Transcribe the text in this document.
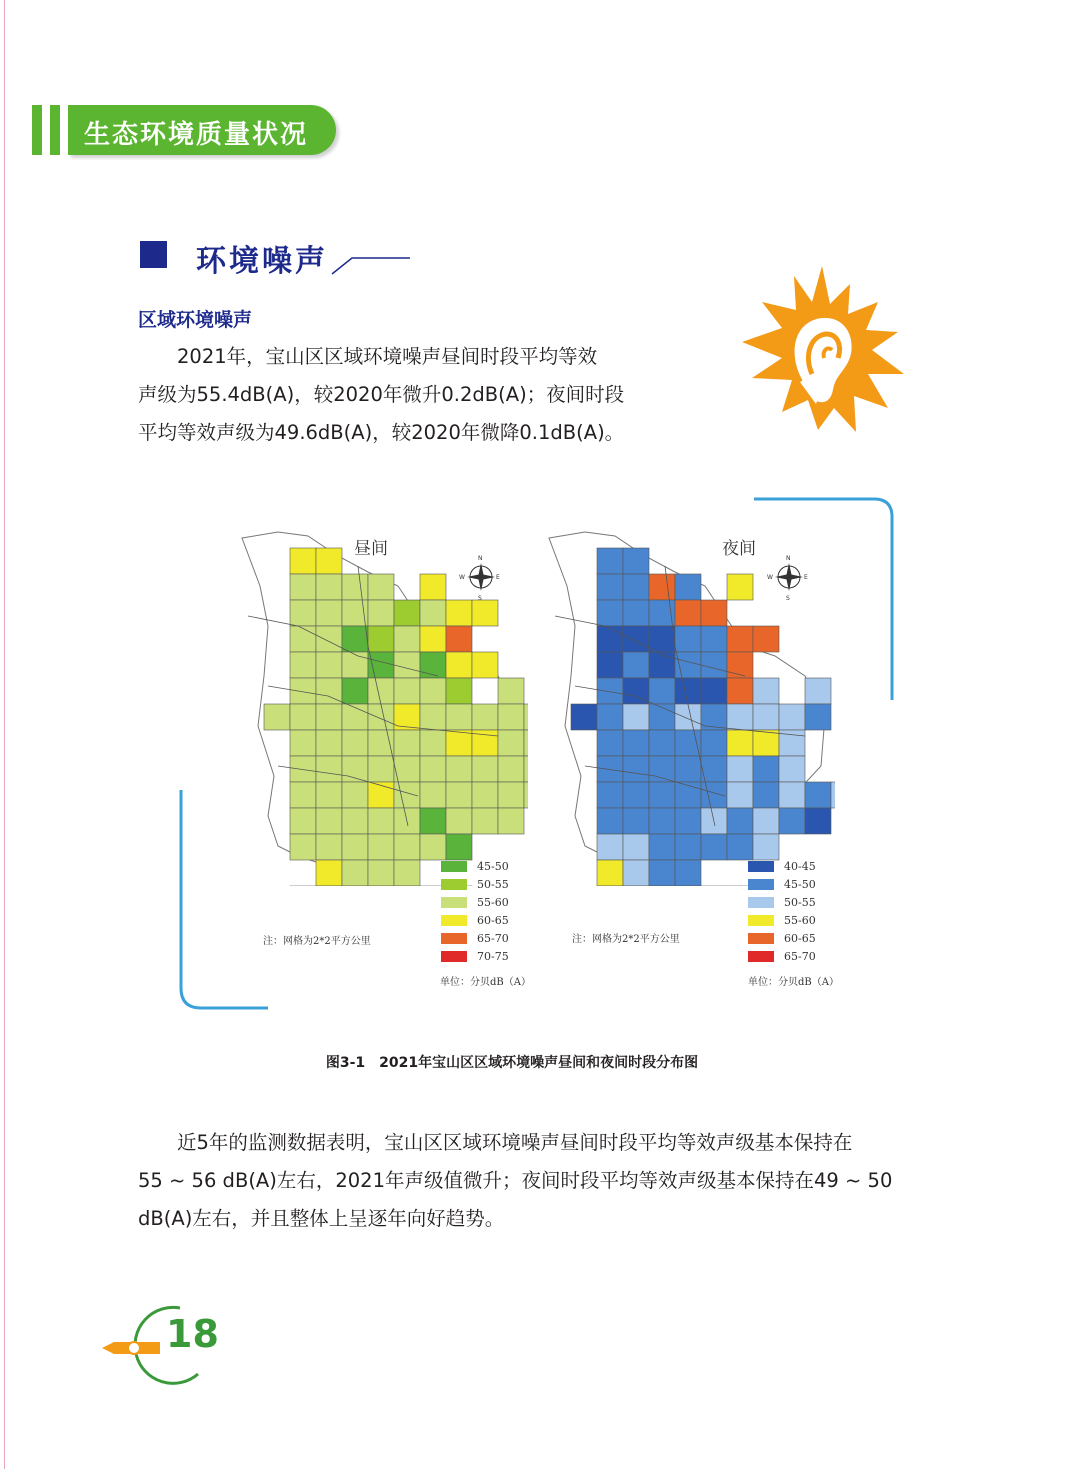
生态环境质量状况
环境噪声
区域环境噪声

　　2021年，宝山区区域环境噪声昼间时段平均等效

声级为55.4dB(A)，较2020年微升0.2dB(A)；夜间时段

平均等效声级为49.6dB(A)，较2020年微降0.1dB(A)。

昼间	夜间
N
S
E
W
N
S
E
W
45-50
50-55
55-60
60-65
65-70
70-75
40-45
45-50
50-55
55-60
60-65
65-70
注：网格为2*2平方公里
单位：分贝dB（A）
注：网格为2*2平方公里
单位：分贝dB（A）
图3-1　2021年宝山区区域环境噪声昼间和夜间时段分布图

　　近5年的监测数据表明，宝山区区域环境噪声昼间时段平均等效声级基本保持在

55 ~ 56 dB(A)左右，2021年声级值微升；夜间时段平均等效声级基本保持在49 ~ 50

dB(A)左右，并且整体上呈逐年向好趋势。

18
